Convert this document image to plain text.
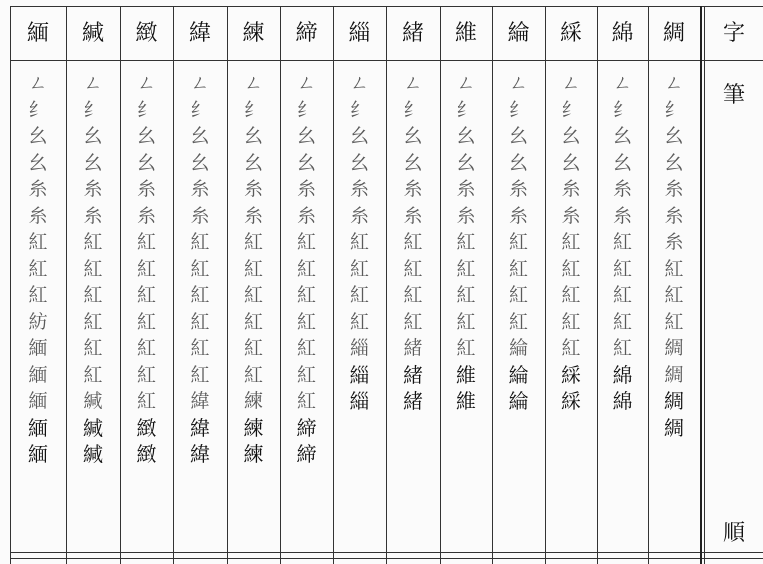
字
筆
順
緬
ㄥ
纟
幺
幺
糸
糸
紅
紅
紅
紡
緬
緬
緬
緬
緬
緘
ㄥ
纟
幺
幺
糸
糸
紅
紅
紅
紅
紅
紅
緘
緘
緘
緻
ㄥ
纟
幺
幺
糸
糸
紅
紅
紅
紅
紅
紅
紅
緻
緻
緯
ㄥ
纟
幺
幺
糸
糸
紅
紅
紅
紅
紅
紅
緯
緯
緯
練
ㄥ
纟
幺
幺
糸
糸
紅
紅
紅
紅
紅
紅
練
練
練
締
ㄥ
纟
幺
幺
糸
糸
紅
紅
紅
紅
紅
紅
紅
締
締
緇
ㄥ
纟
幺
幺
糸
糸
紅
紅
紅
紅
緇
緇
緇
緒
ㄥ
纟
幺
幺
糸
糸
紅
紅
紅
紅
緒
緒
緒
維
ㄥ
纟
幺
幺
糸
糸
紅
紅
紅
紅
紅
維
維
綸
ㄥ
纟
幺
幺
糸
糸
紅
紅
紅
紅
綸
綸
綸
綵
ㄥ
纟
幺
幺
糸
糸
紅
紅
紅
紅
紅
綵
綵
綿
ㄥ
纟
幺
幺
糸
糸
紅
紅
紅
紅
紅
綿
綿
綢
ㄥ
纟
幺
幺
糸
糸
糸
紅
紅
紅
綢
綢
綢
綢
